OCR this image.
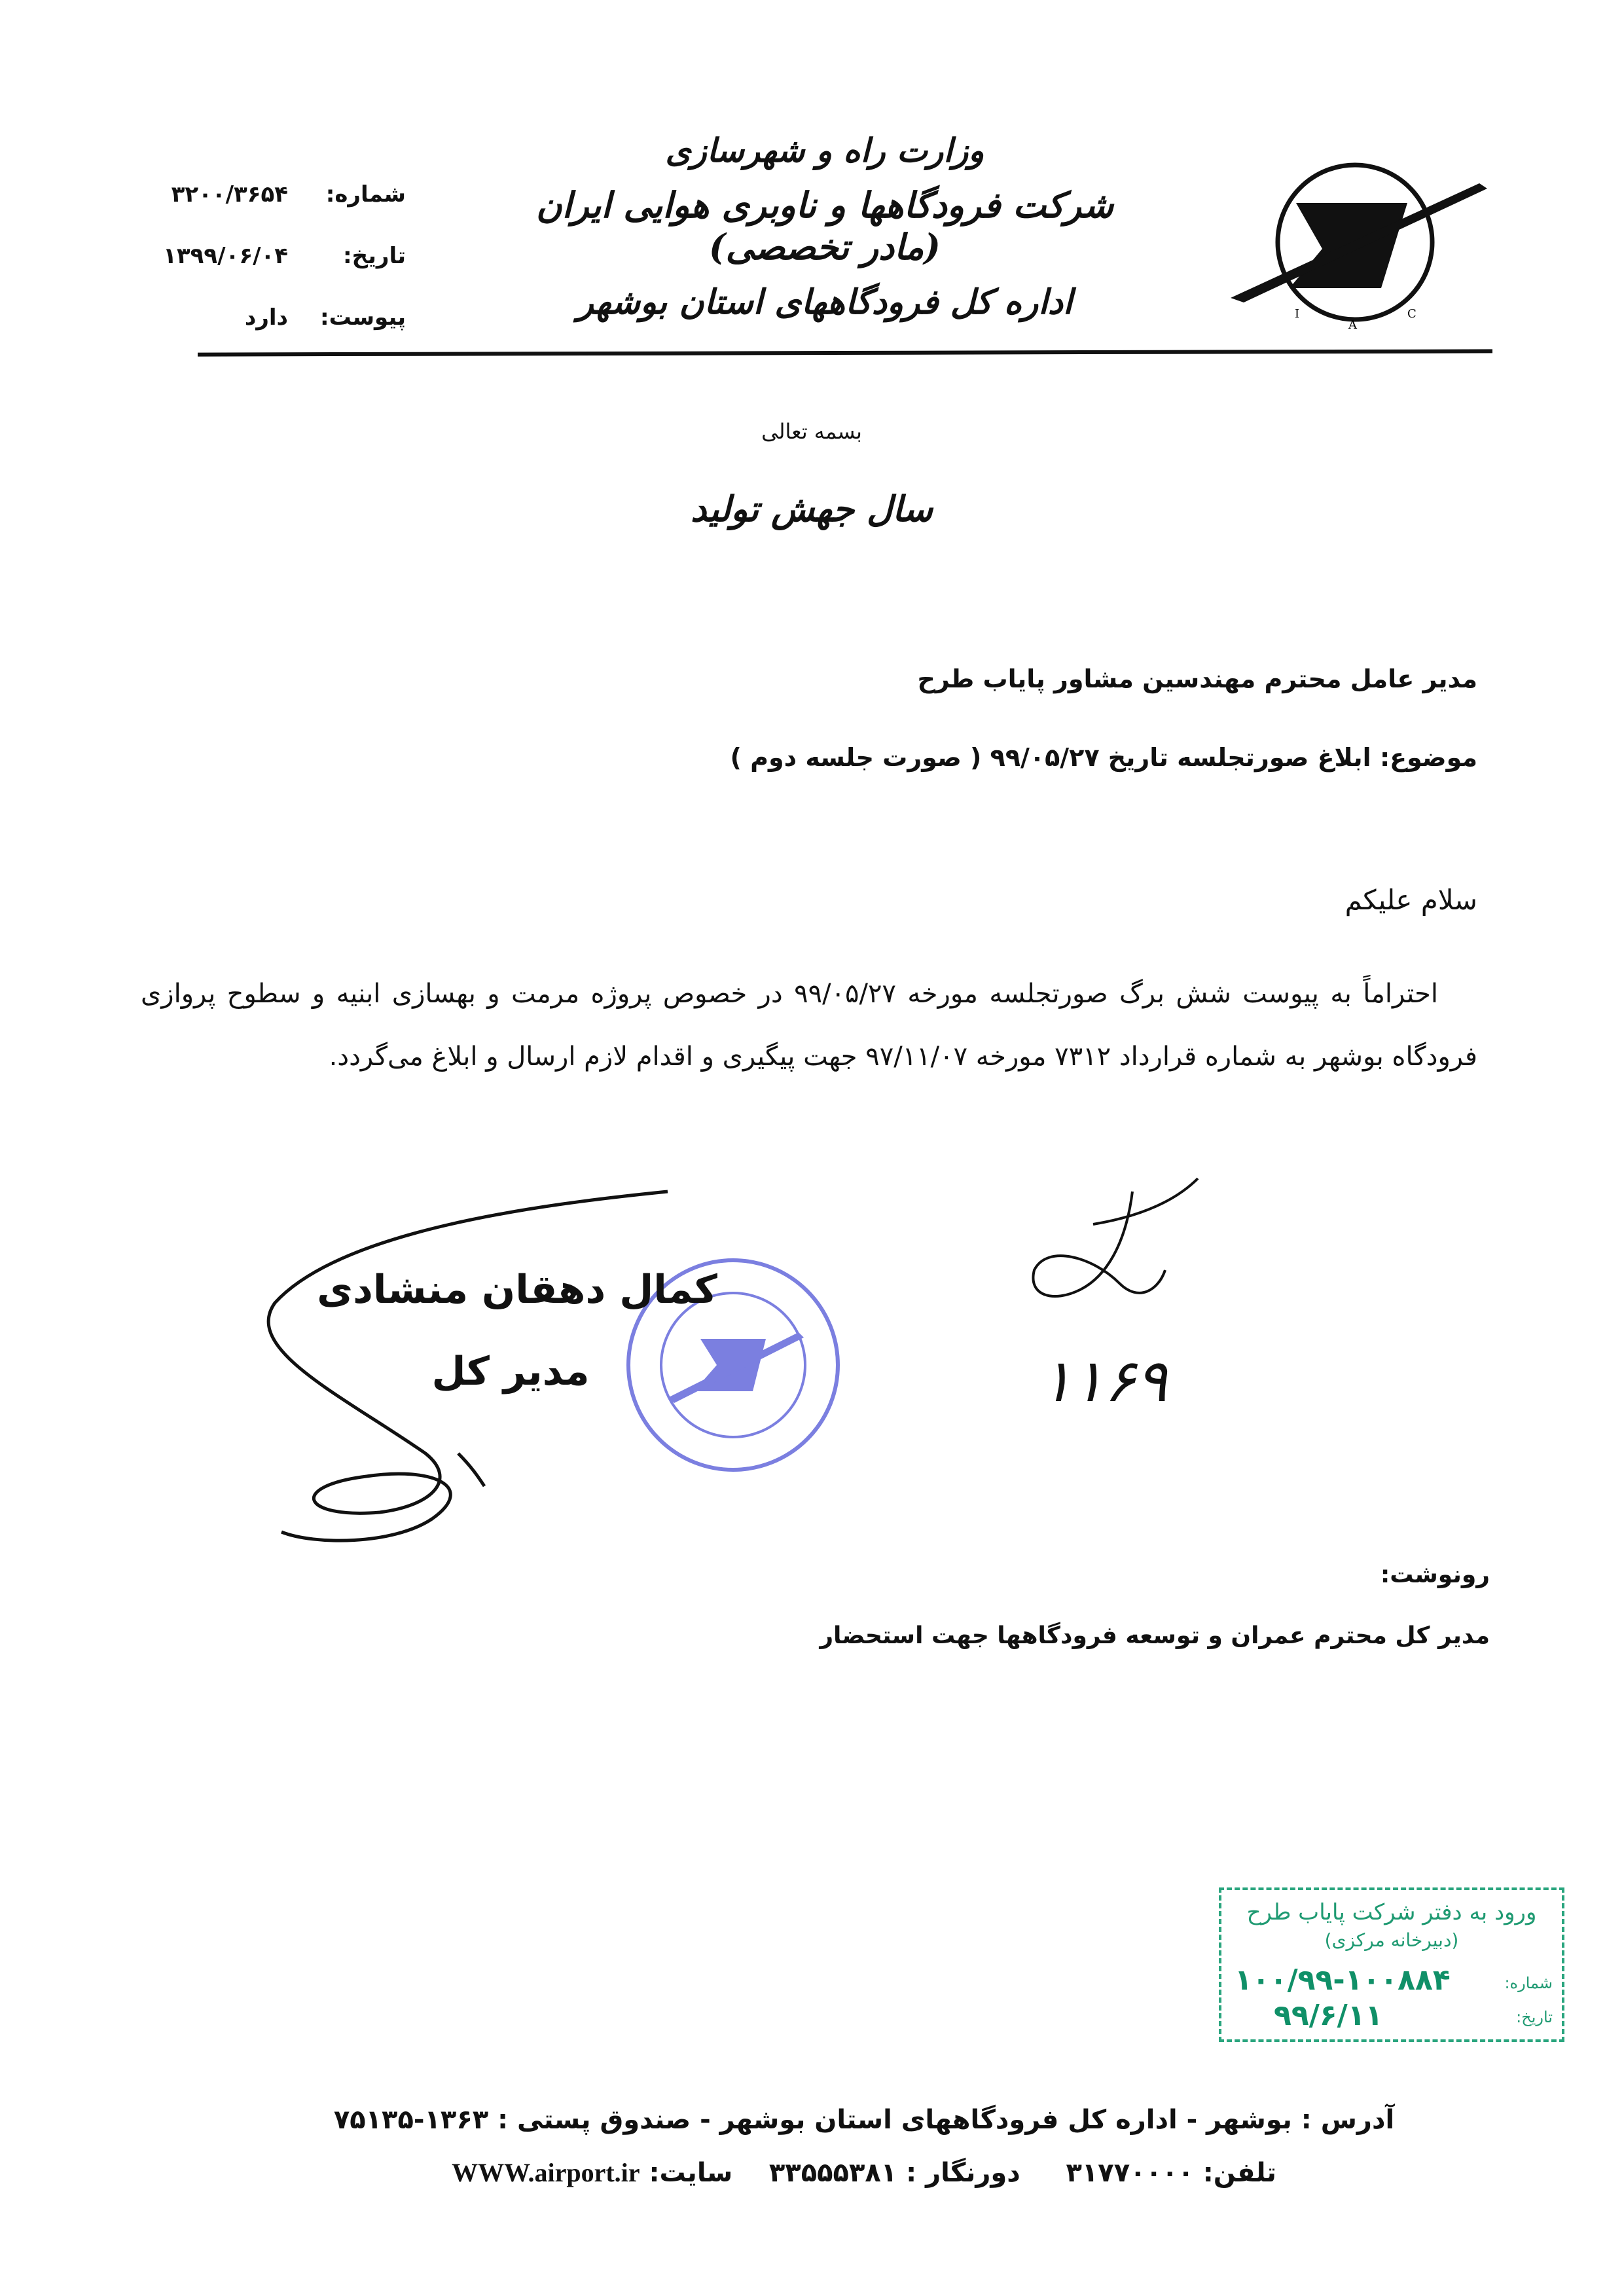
I
A
C
وزارت راه و شهرسازی
شرکت فرودگاهها و ناوبری هوایی ایران (مادر تخصصی)
اداره کل فرودگاههای استان بوشهر
شماره:
۳۲۰۰/۳۶۵۴
تاریخ:
۱۳۹۹/۰۶/۰۴
پیوست:
دارد
بسمه تعالی
سال جهش تولید
مدیر عامل محترم مهندسین مشاور پایاب طرح
موضوع: ابلاغ صورتجلسه تاریخ ۹۹/۰۵/۲۷ ( صورت جلسه دوم )
سلام علیکم
احتراماً به پیوست شش برگ صورتجلسه مورخه ۹۹/۰۵/۲۷ در خصوص پروژه مرمت و بهسازی ابنیه و سطوح پروازی فرودگاه بوشهر به شماره قرارداد ۷۳۱۲ مورخه ۹۷/۱۱/۰۷ جهت پیگیری و اقدام لازم ارسال و ابلاغ می‌گردد.
کمال دهقان منشادی
مدیر کل	۱۱۶۹
رونوشت:
مدیر کل محترم عمران و توسعه فرودگاهها جهت استحضار
ورود به دفتر شرکت پایاب طرح
(دبیرخانه مرکزی)
شماره:
۱۰۰/۹۹-۱۰۰۸۸۴
تاریخ:
۹۹/۶/۱۱
آدرس : بوشهر - اداره کل فرودگاههای استان بوشهر - صندوق پستی : ۱۳۶۳-۷۵۱۳۵
تلفن: ۳۱۷۷۰۰۰۰     دورنگار : ۳۳۵۵۵۳۸۱    سایت: WWW.airport.ir
